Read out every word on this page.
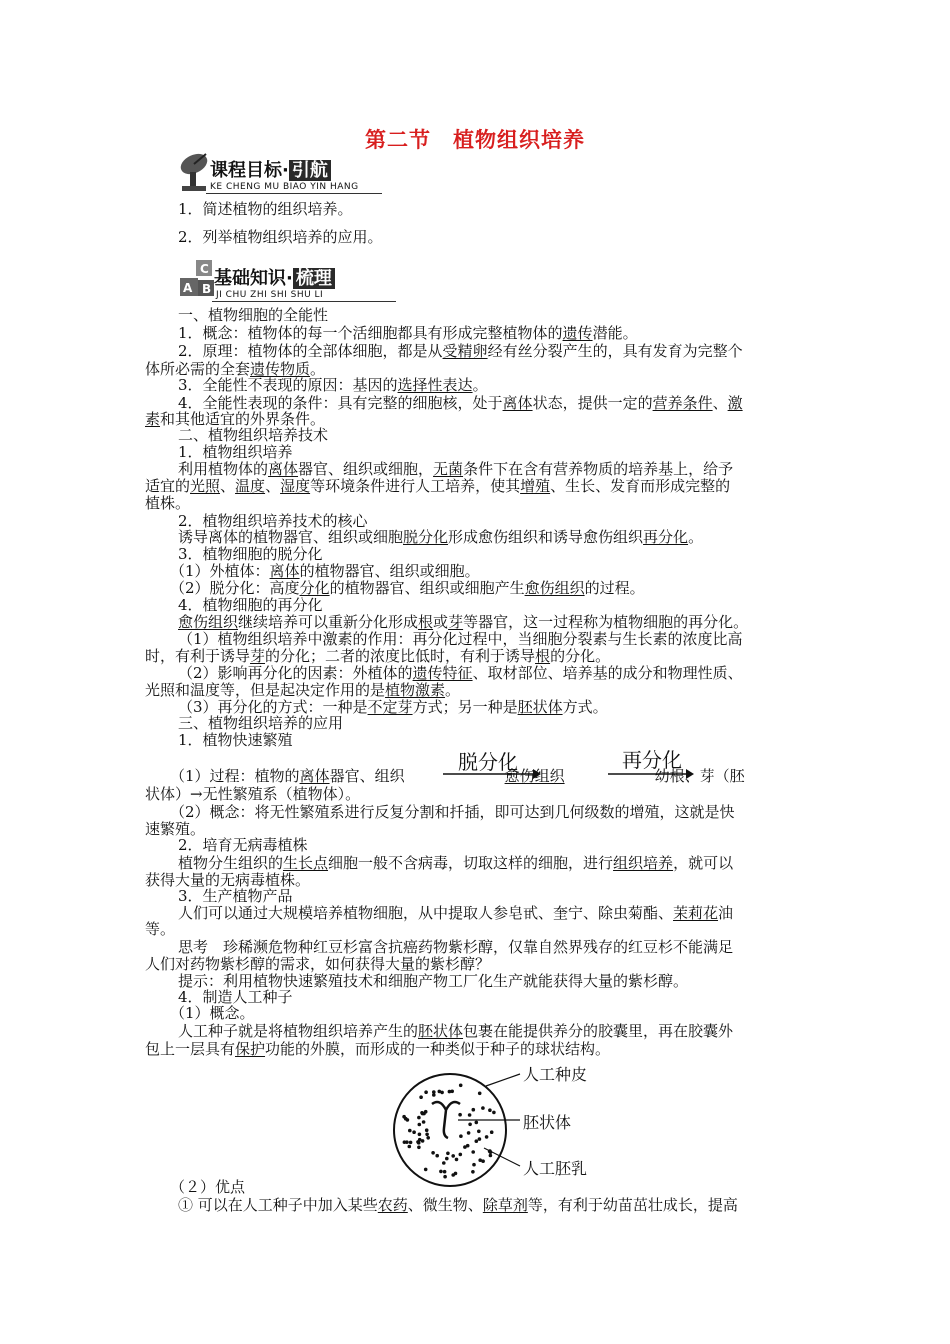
第二节　植物组织培养
课程目标· 引航
KE CHENG MU BIAO YIN HANG
1．简述植物的组织培养。
2．列举植物组织培养的应用。
C
A B 基础知识· 梳理
JI CHU ZHI SHI SHU LI
一、植物细胞的全能性
1．概念：植物体的每一个活细胞都具有形成完整植物体的遗传潜能。
2．原理：植物体的全部体细胞，都是从受精卵经有丝分裂产生的，具有发育为完整个
体所必需的全套遗传物质。
3．全能性不表现的原因：基因的选择性表达。
4．全能性表现的条件：具有完整的细胞核，处于离体状态，提供一定的营养条件、激
素和其他适宜的外界条件。
二、植物组织培养技术
1．植物组织培养
利用植物体的离体器官、组织或细胞，无菌条件下在含有营养物质的培养基上，给予
适宜的光照、温度、湿度等环境条件进行人工培养，使其增殖、生长、发育而形成完整的
植株。
2．植物组织培养技术的核心
诱导离体的植物器官、组织或细胞脱分化形成愈伤组织和诱导愈伤组织再分化。
3．植物细胞的脱分化
（1）外植体：离体的植物器官、组织或细胞。
（2）脱分化：高度分化的植物器官、组织或细胞产生愈伤组织的过程。
4．植物细胞的再分化
愈伤组织继续培养可以重新分化形成根或芽等器官，这一过程称为植物细胞的再分化。
（1）植物组织培养中激素的作用：再分化过程中，当细胞分裂素与生长素的浓度比高
时，有利于诱导芽的分化；二者的浓度比低时，有利于诱导根的分化。
（2）影响再分化的因素：外植体的遗传特征、取材部位、培养基的成分和物理性质、
光照和温度等，但是起决定作用的是植物激素。
（3）再分化的方式：一种是不定芽方式；另一种是胚状体方式。
三、植物组织培养的应用
1．植物快速繁殖
脱分化	再分化
（1）过程：植物的离体器官、组织	愈伤组织	幼根、芽（胚
状体）→无性繁殖系（植物体）。
（2）概念：将无性繁殖系进行反复分割和扦插，即可达到几何级数的增殖，这就是快
速繁殖。
2．培育无病毒植株
植物分生组织的生长点细胞一般不含病毒，切取这样的细胞，进行组织培养，就可以
获得大量的无病毒植株。
3．生产植物产品
人们可以通过大规模培养植物细胞，从中提取人参皂甙、奎宁、除虫菊酯、茉莉花油
等。
思考　珍稀濒危物种红豆杉富含抗癌药物紫杉醇，仅靠自然界残存的红豆杉不能满足
人们对药物紫杉醇的需求，如何获得大量的紫杉醇？
提示：利用植物快速繁殖技术和细胞产物工厂化生产就能获得大量的紫杉醇。
4．制造人工种子
（1）概念。
人工种子就是将植物组织培养产生的胚状体包裹在能提供养分的胶囊里，再在胶囊外
包上一层具有保护功能的外膜，而形成的一种类似于种子的球状结构。
人工种皮
胚状体
人工胚乳
（２）优点
① 可以在人工种子中加入某些农药、微生物、除草剂等，有利于幼苗茁壮成长，提高
